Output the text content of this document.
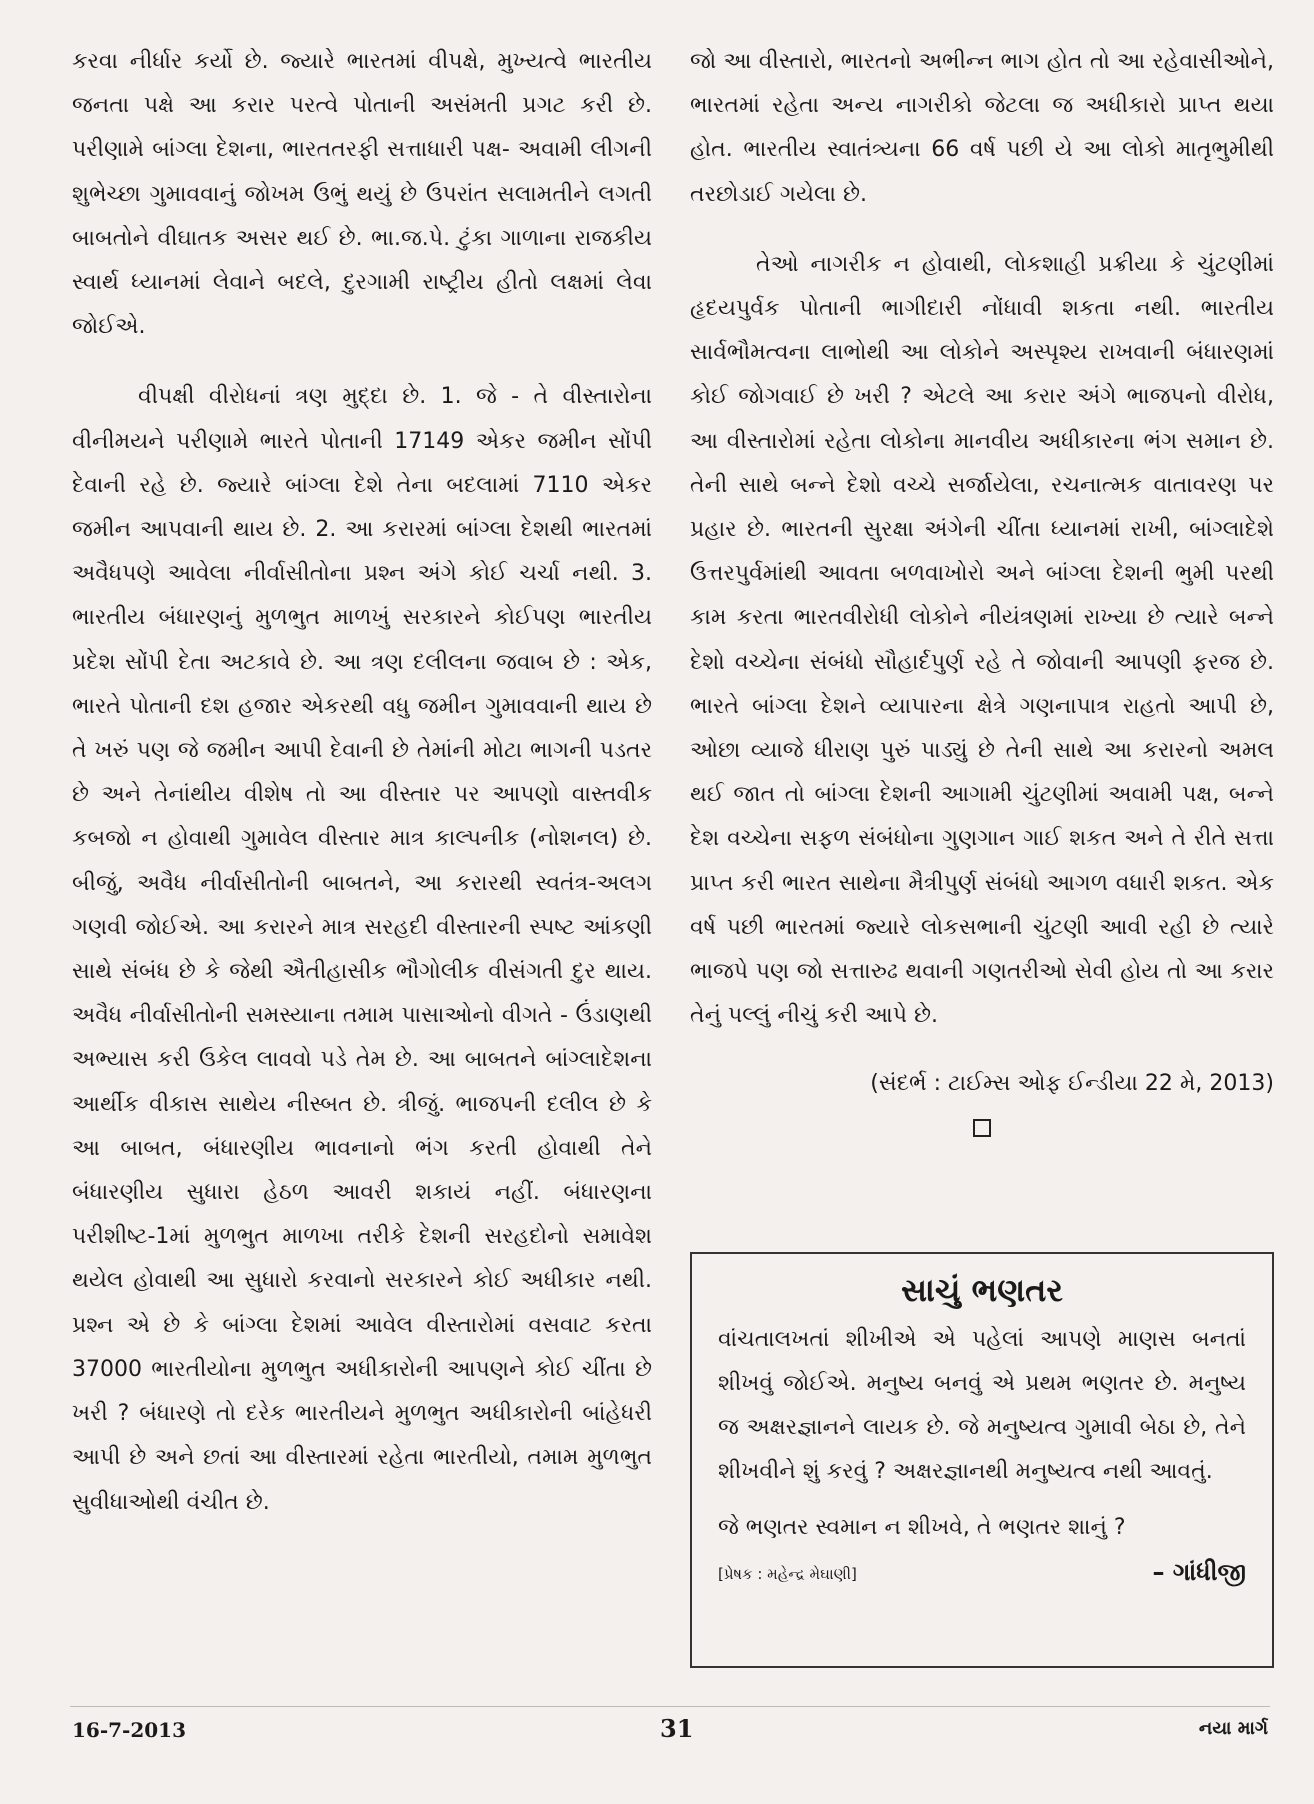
કરવા નીર્ધાર કર્યો છે. જ્યારે ભારતમાં વીપક્ષે, મુખ્યત્વે ભારતીય જનતા પક્ષે આ કરાર પરત્વે પોતાની અસંમતી પ્રગટ કરી છે. પરીણામે બાંગ્લા દેશના, ભારતતરફી સત્તાધારી પક્ષ- અવામી લીગની શુભેચ્છા ગુમાવવાનું જોખમ ઉભું થયું છે ઉપરાંત સલામતીને લગતી બાબતોને વીઘાતક અસર થઈ છે. ભા.જ.પે. ટુંકા ગાળાના રાજકીય સ્વાર્થ ધ્યાનમાં લેવાને બદલે, દુરગામી રાષ્ટ્રીય હીતો લક્ષમાં લેવા જોઈએ.

વીપક્ષી વીરોધનાં ત્રણ મુદ્દા છે. 1. જે - તે વીસ્તારોના વીનીમયને પરીણામે ભારતે પોતાની 17149 એકર જમીન સોંપી દેવાની રહે છે. જ્યારે બાંગ્લા દેશે તેના બદલામાં 7110 એકર જમીન આપવાની થાય છે. 2. આ કરારમાં બાંગ્લા દેશથી ભારતમાં અવૈધપણે આવેલા નીર્વાસીતોના પ્રશ્ન અંગે કોઈ ચર્ચા નથી. 3. ભારતીય બંધારણનું મુળભુત માળખું સરકારને કોઈપણ ભારતીય પ્રદેશ સોંપી દેતા અટકાવે છે. આ ત્રણ દલીલના જવાબ છે : એક, ભારતે પોતાની દશ હજાર એકરથી વધુ જમીન ગુમાવવાની થાય છે તે ખરું પણ જે જમીન આપી દેવાની છે તેમાંની મોટા ભાગની પડતર છે અને તેનાંથીય વીશેષ તો આ વીસ્તાર પર આપણો વાસ્તવીક કબજો ન હોવાથી ગુમાવેલ વીસ્તાર માત્ર કાલ્પનીક (નોશનલ) છે. બીજું, અવૈધ નીર્વાસીતોની બાબતને, આ કરારથી સ્વતંત્ર-અલગ ગણવી જોઈએ. આ કરારને માત્ર સરહદી વીસ્તારની સ્પષ્ટ આંકણી સાથે સંબંધ છે કે જેથી ઐતીહાસીક ભૌગોલીક વીસંગતી દુર થાય. અવૈધ નીર્વાસીતોની સમસ્યાના તમામ પાસાઓનો વીગતે - ઉંડાણથી અભ્યાસ કરી ઉકેલ લાવવો પડે તેમ છે. આ બાબતને બાંગ્લાદેશના આર્થીક વીકાસ સાથેય નીસ્બત છે. ત્રીજું. ભાજપની દલીલ છે કે આ બાબત, બંધારણીય ભાવનાનો ભંગ કરતી હોવાથી તેને બંધારણીય સુધારા હેઠળ આવરી શકાયં નહીં. બંધારણના પરીશીષ્ટ-1માં મુળભુત માળખા તરીકે દેશની સરહદોનો સમાવેશ થયેલ હોવાથી આ સુધારો કરવાનો સરકારને કોઈ અધીકાર નથી. પ્રશ્ન એ છે કે બાંગ્લા દેશમાં આવેલ વીસ્તારોમાં વસવાટ કરતા 37000 ભારતીયોના મુળભુત અધીકારોની આપણને કોઈ ચીંતા છે ખરી ? બંધારણે તો દરેક ભારતીયને મુળભુત અધીકારોની બાંહેધરી આપી છે અને છતાં આ વીસ્તારમાં રહેતા ભારતીયો, તમામ મુળભુત સુવીધાઓથી વંચીત છે.

જો આ વીસ્તારો, ભારતનો અભીન્ન ભાગ હોત તો આ રહેવાસીઓને, ભારતમાં રહેતા અન્ય નાગરીકો જેટલા જ અધીકારો પ્રાપ્ત થયા હોત. ભારતીય સ્વાતંત્ર્યના 66 વર્ષ પછી યે આ લોકો માતૃભુમીથી તરછોડાઈ ગયેલા છે.

તેઓ નાગરીક ન હોવાથી, લોકશાહી પ્રક્રીયા કે ચુંટણીમાં હૃદયપુર્વક પોતાની ભાગીદારી નોંધાવી શકતા નથી. ભારતીય સાર્વભૌમત્વના લાભોથી આ લોકોને અસ્પૃશ્ય રાખવાની બંધારણમાં કોઈ જોગવાઈ છે ખરી ? એટલે આ કરાર અંગે ભાજપનો વીરોધ, આ વીસ્તારોમાં રહેતા લોકોના માનવીય અધીકારના ભંગ સમાન છે. તેની સાથે બન્ને દેશો વચ્ચે સર્જાયેલા, રચનાત્મક વાતાવરણ પર પ્રહાર છે. ભારતની સુરક્ષા અંગેની ચીંતા ધ્યાનમાં રાખી, બાંગ્લાદેશે ઉત્તરપુર્વમાંથી આવતા બળવાખોરો અને બાંગ્લા દેશની ભુમી પરથી કામ કરતા ભારતવીરોધી લોકોને નીયંત્રણમાં રાખ્યા છે ત્યારે બન્ને દેશો વચ્ચેના સંબંધો સૌહાર્દપુર્ણ રહે તે જોવાની આપણી ફરજ છે. ભારતે બાંગ્લા દેશને વ્યાપારના ક્ષેત્રે ગણનાપાત્ર રાહતો આપી છે, ઓછા વ્યાજે ધીરાણ પુરું પાડ્યું છે તેની સાથે આ કરારનો અમલ થઈ જાત તો બાંગ્લા દેશની આગામી ચુંટણીમાં અવામી પક્ષ, બન્ને દેશ વચ્ચેના સફળ સંબંધોના ગુણગાન ગાઈ શકત અને તે રીતે સત્તા પ્રાપ્ત કરી ભારત સાથેના મૈત્રીપુર્ણ સંબંધો આગળ વધારી શકત. એક વર્ષ પછી ભારતમાં જ્યારે લોકસભાની ચુંટણી આવી રહી છે ત્યારે ભાજપે પણ જો સત્તારુઢ થવાની ગણતરીઓ સેવી હોય તો આ કરાર તેનું પલ્લું નીચું કરી આપે છે.

(સંદર્ભ : ટાઈમ્સ ઓફ ઈન્ડીયા 22 મે, 2013)

સાચું ભણતર

વાંચતાલખતાં શીખીએ એ પહેલાં આપણે માણસ બનતાં શીખવું જોઈએ. મનુષ્ય બનવું એ પ્રથમ ભણતર છે. મનુષ્ય જ અક્ષરજ્ઞાનને લાયક છે. જે મનુષ્યત્વ ગુમાવી બેઠા છે, તેને શીખવીને શું કરવું ? અક્ષરજ્ઞાનથી મનુષ્યત્વ નથી આવતું.

જે ભણતર સ્વમાન ન શીખવે, તે ભણતર શાનું ?

[પ્રેષક : મહેન્દ્ર મેઘાણી]	– ગાંધીજી
16-7-2013	31	નયા માર્ગ
